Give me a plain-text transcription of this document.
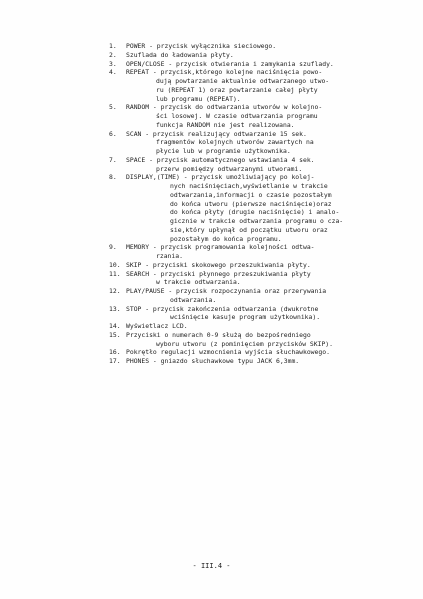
1. POWER - przycisk wyłącznika sieciowego.
2. Szuflada do ładowania płyty.
3. OPEN/CLOSE - przycisk otwierania i zamykania szuflady.
4. REPEAT - przycisk,którego kolejne naciśnięcia powo-
dują powtarzanie aktualnie odtwarzanego utwo-
ru (REPEAT 1) oraz powtarzanie całej płyty
lub programu (REPEAT).
5. RANDOM - przycisk do odtwarzania utworów w kolejno-
ści losowej. W czasie odtwarzania programu
funkcja RANDOM nie jest realizowana.
6. SCAN - przycisk realizujący odtwarzanie 15 sek.
fragmentów kolejnych utworów zawartych na
płycie lub w programie użytkownika.
7. SPACE - przycisk automatycznego wstawiania 4 sek.
przerw pomiędzy odtwarzanymi utworami.
8. DISPLAY,(TIME) - przycisk umożliwiający po kolej-
nych naciśnięciach,wyświetlanie w trakcie
odtwarzania,informacji o czasie pozostałym
do końca utworu (pierwsze naciśnięcie)oraz
do końca płyty (drugie naciśnięcie) i analo-
gicznie w trakcie odtwarzania programu o cza-
sie,który upłynął od początku utworu oraz
pozostałym do końca programu.
9. MEMORY - przycisk programowania kolejności odtwa-
rzania.
10. SKIP - przyciski skokowego przeszukiwania płyty.
11. SEARCH - przyciski płynnego przeszukiwania płyty
w trakcie odtwarzania.
12. PLAY/PAUSE - przycisk rozpoczynania oraz przerywania
odtwarzania.
13. STOP - przycisk zakończenia odtwarzania (dwukrotne
wciśnięcie kasuje program użytkownika).
14. Wyświetlacz LCD.
15. Przyciski o numerach 0-9 służą do bezpośredniego
wyboru utworu (z pominięciem przycisków SKIP).
16. Pokrętło regulacji wzmocnienia wyjścia słuchawkowego.
17. PHONES - gniazdo słuchawkowe typu JACK 6,3mm.
- III.4 -
